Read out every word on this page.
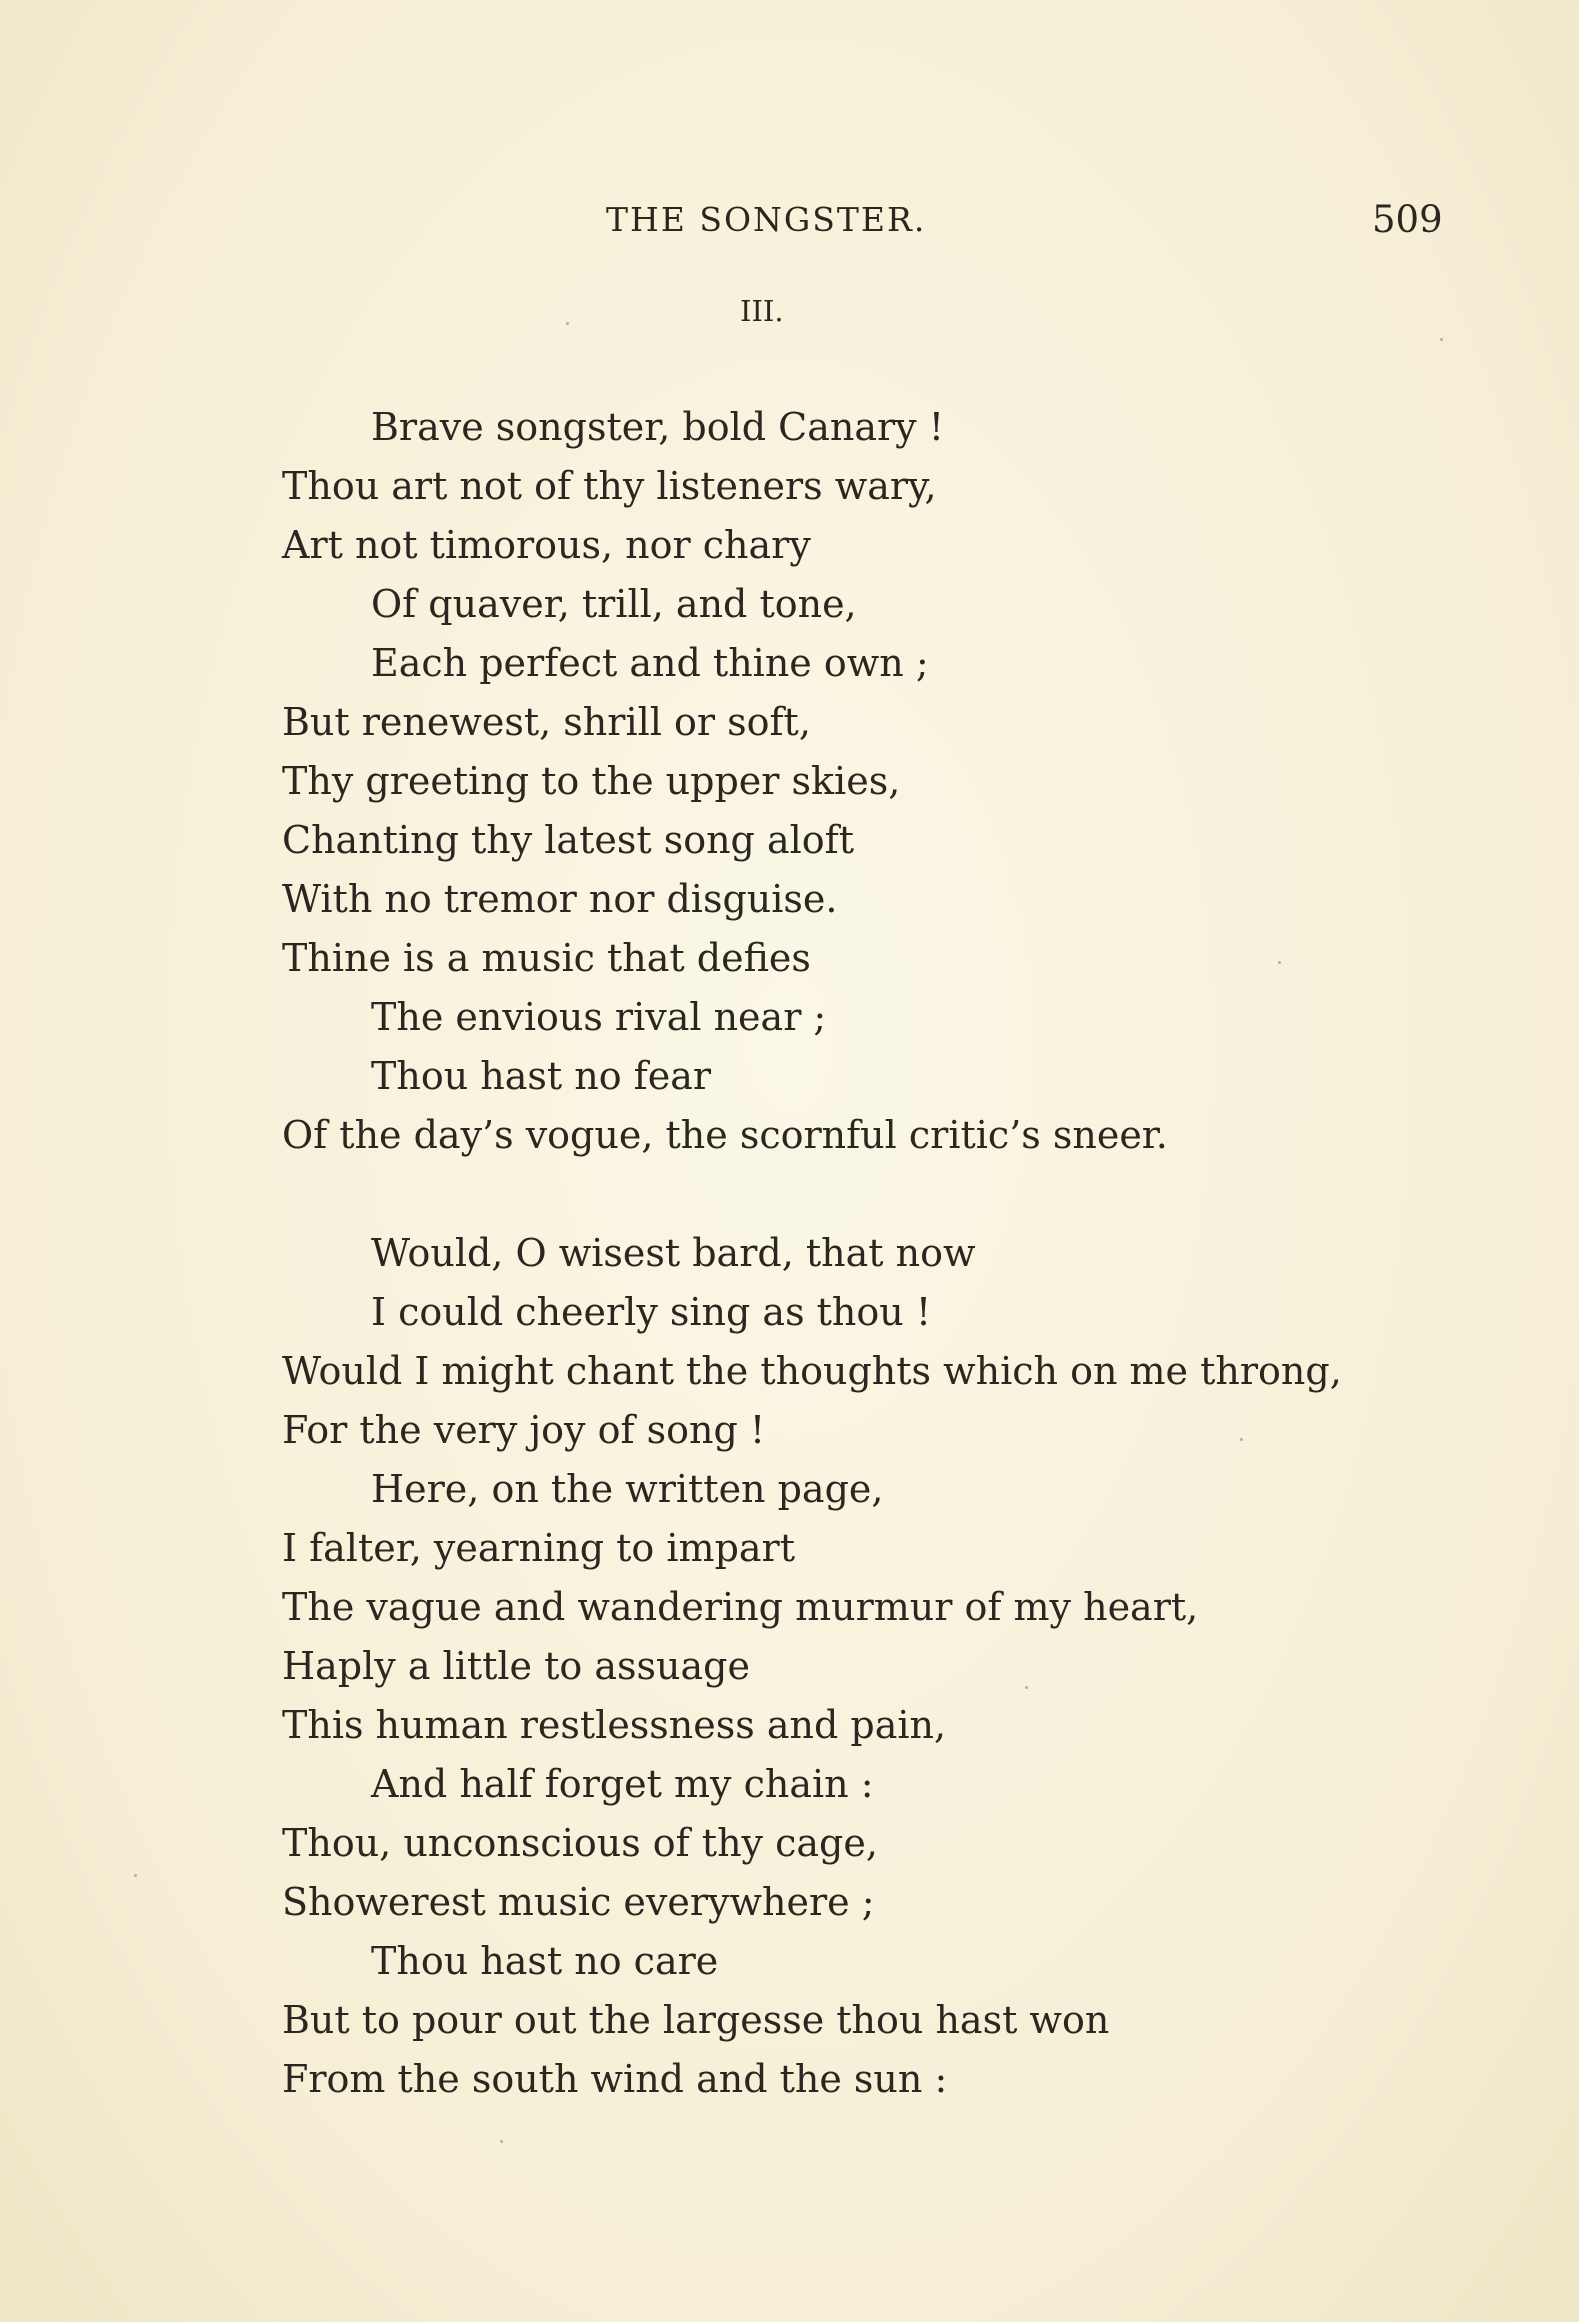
THE SONGSTER.	509
III.
Brave songster, bold Canary !
Thou art not of thy listeners wary,
Art not timorous, nor chary
Of quaver, trill, and tone,
Each perfect and thine own ;
But renewest, shrill or soft,
Thy greeting to the upper skies,
Chanting thy latest song aloft
With no tremor nor disguise.
Thine is a music that defies
The envious rival near ;
Thou hast no fear
Of the day’s vogue, the scornful critic’s sneer.
Would, O wisest bard, that now
I could cheerly sing as thou !
Would I might chant the thoughts which on me throng,
For the very joy of song !
Here, on the written page,
I falter, yearning to impart
The vague and wandering murmur of my heart,
Haply a little to assuage
This human restlessness and pain,
And half forget my chain :
Thou, unconscious of thy cage,
Showerest music everywhere ;
Thou hast no care
But to pour out the largesse thou hast won
From the south wind and the sun :
